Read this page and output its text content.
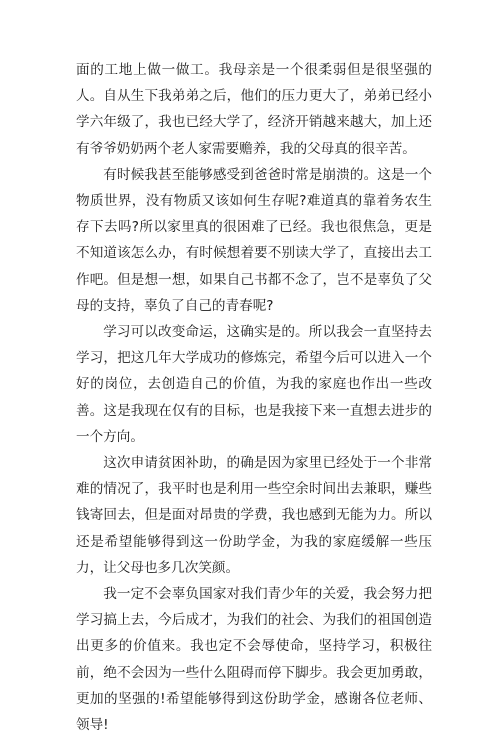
面的工地上做一做工。我母亲是一个很柔弱但是很坚强的人。自从生下我弟弟之后，他们的压力更大了，弟弟已经小学六年级了，我也已经大学了，经济开销越来越大，加上还有爷爷奶奶两个老人家需要赡养，我的父母真的很辛苦。

有时候我甚至能够感受到爸爸时常是崩溃的。这是一个物质世界，没有物质又该如何生存呢?难道真的靠着务农生存下去吗?所以家里真的很困难了已经。我也很焦急，更是不知道该怎么办，有时候想着要不别读大学了，直接出去工作吧。但是想一想，如果自己书都不念了，岂不是辜负了父母的支持，辜负了自己的青春呢?

学习可以改变命运，这确实是的。所以我会一直坚持去学习，把这几年大学成功的修炼完，希望今后可以进入一个好的岗位，去创造自己的价值，为我的家庭也作出一些改善。这是我现在仅有的目标，也是我接下来一直想去进步的一个方向。

这次申请贫困补助，的确是因为家里已经处于一个非常难的情况了，我平时也是利用一些空余时间出去兼职，赚些钱寄回去，但是面对昂贵的学费，我也感到无能为力。所以还是希望能够得到这一份助学金，为我的家庭缓解一些压力，让父母也多几次笑颜。

我一定不会辜负国家对我们青少年的关爱，我会努力把学习搞上去，今后成才，为我们的社会、为我们的祖国创造出更多的价值来。我也定不会辱使命，坚持学习，积极往前，绝不会因为一些什么阻碍而停下脚步。我会更加勇敢，更加的坚强的!希望能够得到这份助学金，感谢各位老师、领导!
